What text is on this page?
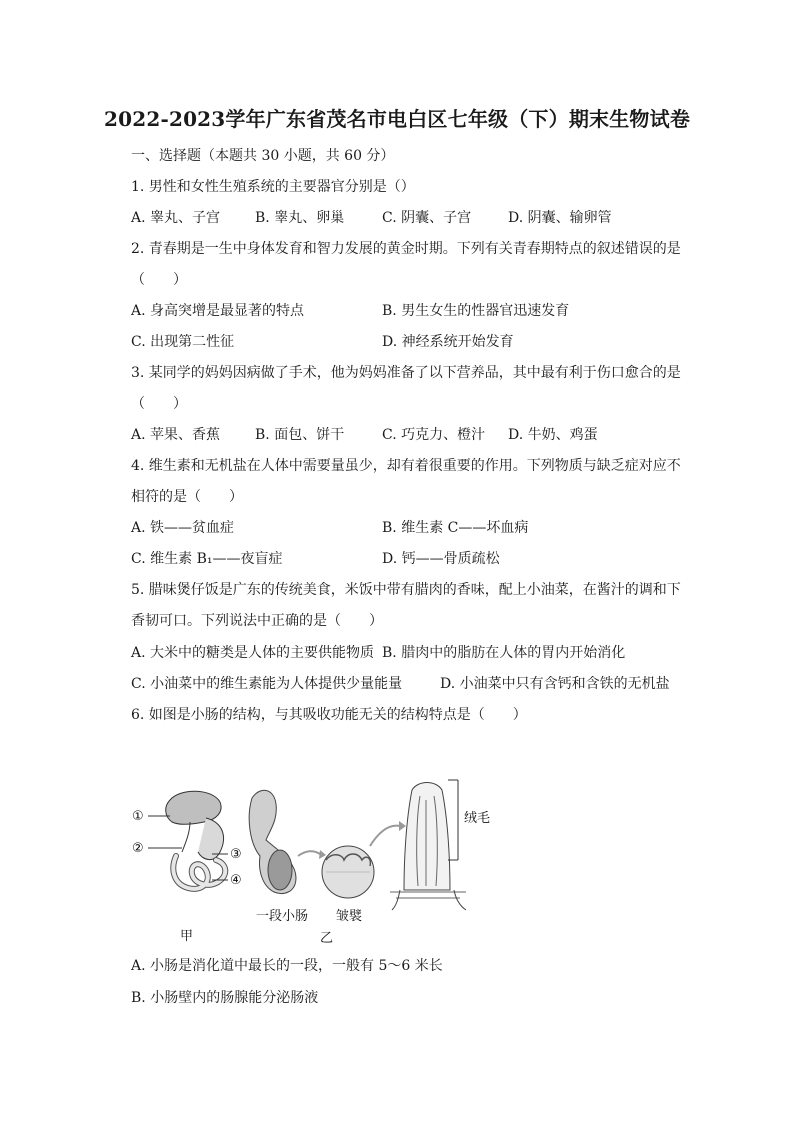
2022-2023学年广东省茂名市电白区七年级（下）期末生物试卷
一、选择题（本题共 30 小题，共 60 分）
1. 男性和女性生殖系统的主要器官分别是（）
A. 睾丸、子宫 B. 睾丸、卵巢	C. 阴囊、子宫	D. 阴囊、输卵管
2. 青春期是一生中身体发育和智力发展的黄金时期。下列有关青春期特点的叙述错误的是
（　　）
A. 身高突增是最显著的特点	B. 男生女生的性器官迅速发育
C. 出现第二性征	D. 神经系统开始发育
3. 某同学的妈妈因病做了手术，他为妈妈准备了以下营养品，其中最有利于伤口愈合的是
（　　）
A. 苹果、香蕉 B. 面包、饼干	C. 巧克力、橙汁 D. 牛奶、鸡蛋
4. 维生素和无机盐在人体中需要量虽少，却有着很重要的作用。下列物质与缺乏症对应不
相符的是（　　）
A. 铁——贫血症	B. 维生素 C——坏血病
C. 维生素 B₁——夜盲症	D. 钙——骨质疏松
5. 腊味煲仔饭是广东的传统美食，米饭中带有腊肉的香味，配上小油菜，在酱汁的调和下
香韧可口。下列说法中正确的是（　　）
A. 大米中的糖类是人体的主要供能物质 B. 腊肉中的脂肪在人体的胃内开始消化
C. 小油菜中的维生素能为人体提供少量能量	D. 小油菜中只有含钙和含铁的无机盐
6. 如图是小肠的结构，与其吸收功能无关的结构特点是（　　）
①
②	③
④
甲
绒毛
一段小肠 皱襞
乙
A. 小肠是消化道中最长的一段，一般有 5～6 米长
B. 小肠壁内的肠腺能分泌肠液
